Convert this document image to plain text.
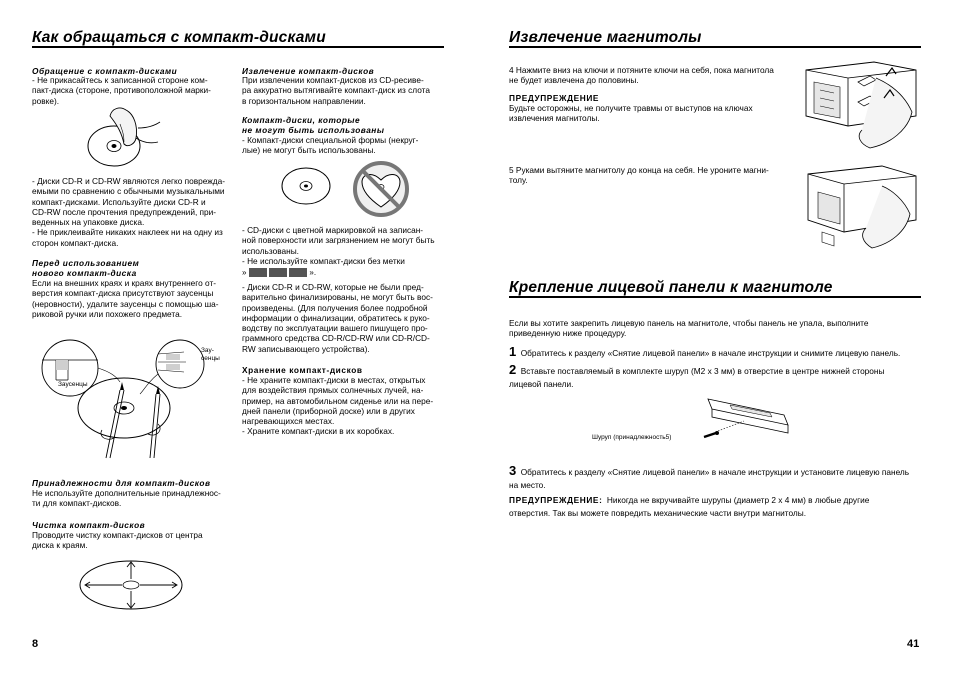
Как обращаться с компакт-дисками
Обращение с компакт-дисками
- Не прикасайтесь к записанной стороне ком-
пакт-диска (стороне, противоположной марки-
ровке).
- Диски CD-R и CD-RW являются легко поврежда-
емыми по сравнению с обычными музыкальными
компакт-дисками. Используйте диски CD-R и
CD-RW после прочтения предупреждений, при-
веденных на упаковке диска.
- Не приклеивайте никаких наклеек ни на одну из
сторон компакт-диска.
Перед использованием
нового компакт-диска
Если на внешних краях и краях внутреннего от-
верстия компакт-диска присутствуют заусенцы
(неровности), удалите заусенцы с помощью ша-
риковой ручки или похожего предмета.
Заусенцы
Зау-
сенцы
Принадлежности для компакт-дисков
Не используйте дополнительные принадлежнос-
ти для компакт-дисков.
Чистка компакт-дисков
Проводите чистку компакт-дисков от центра
диска к краям.
Извлечение компакт-дисков
При извлечении компакт-дисков из CD-ресиве-
ра аккуратно вытягивайте компакт-диск из слота
в горизонтальном направлении.
Компакт-диски, которые
не могут быть использованы
- Компакт-диски специальной формы (некруг-
лые) не могут быть использованы.
- CD-диски с цветной маркировкой на записан-
ной поверхности или загрязнением не могут быть
использованы.
- Не используйте компакт-диски без метки
»	».
- Диски CD-R и CD-RW, которые не были пред-
варительно финализированы, не могут быть вос-
произведены. (Для получения более подробной
информации о финализации, обратитесь к руко-
водству по эксплуатации вашего пишущего про-
граммного средства CD-R/CD-RW или CD-R/CD-
RW записывающего устройства).
Хранение компакт-дисков
- Не храните компакт-диски в местах, открытых
для воздействия прямых солнечных лучей, на-
пример, на автомобильном сиденье или на пере-
дней панели (приборной доске) или в других
нагревающихся местах.
- Храните компакт-диски в их коробках.
8
Извлечение магнитолы
4 Нажмите вниз на ключи и потяните ключи на себя, пока магнитола
не будет извлечена до половины.
ПРЕДУПРЕЖДЕНИЕ
Будьте осторожны, не получите травмы от выступов на ключах
извлечения магнитолы.
5 Руками вытяните магнитолу до конца на себя. Не уроните магни-
толу.
Крепление лицевой панели к магнитоле
Если вы хотите закрепить лицевую панель на магнитоле, чтобы панель не упала, выполните
приведенную ниже процедуру.
1 Обратитесь к разделу «Снятие лицевой панели» в начале инструкции и снимите лицевую панель.
2 Вставьте поставляемый в комплекте шуруп (M2 x 3 мм) в отверстие в центре нижней стороны
лицевой панели.
Шуруп (принадлежность5)
3 Обратитесь к разделу «Снятие лицевой панели» в начале инструкции и установите лицевую панель
на место.
ПРЕДУПРЕЖДЕНИЕ: Никогда не вкручивайте шурупы (диаметр 2 x 4 мм) в любые другие
отверстия. Так вы можете повредить механические части внутри магнитолы.
41
